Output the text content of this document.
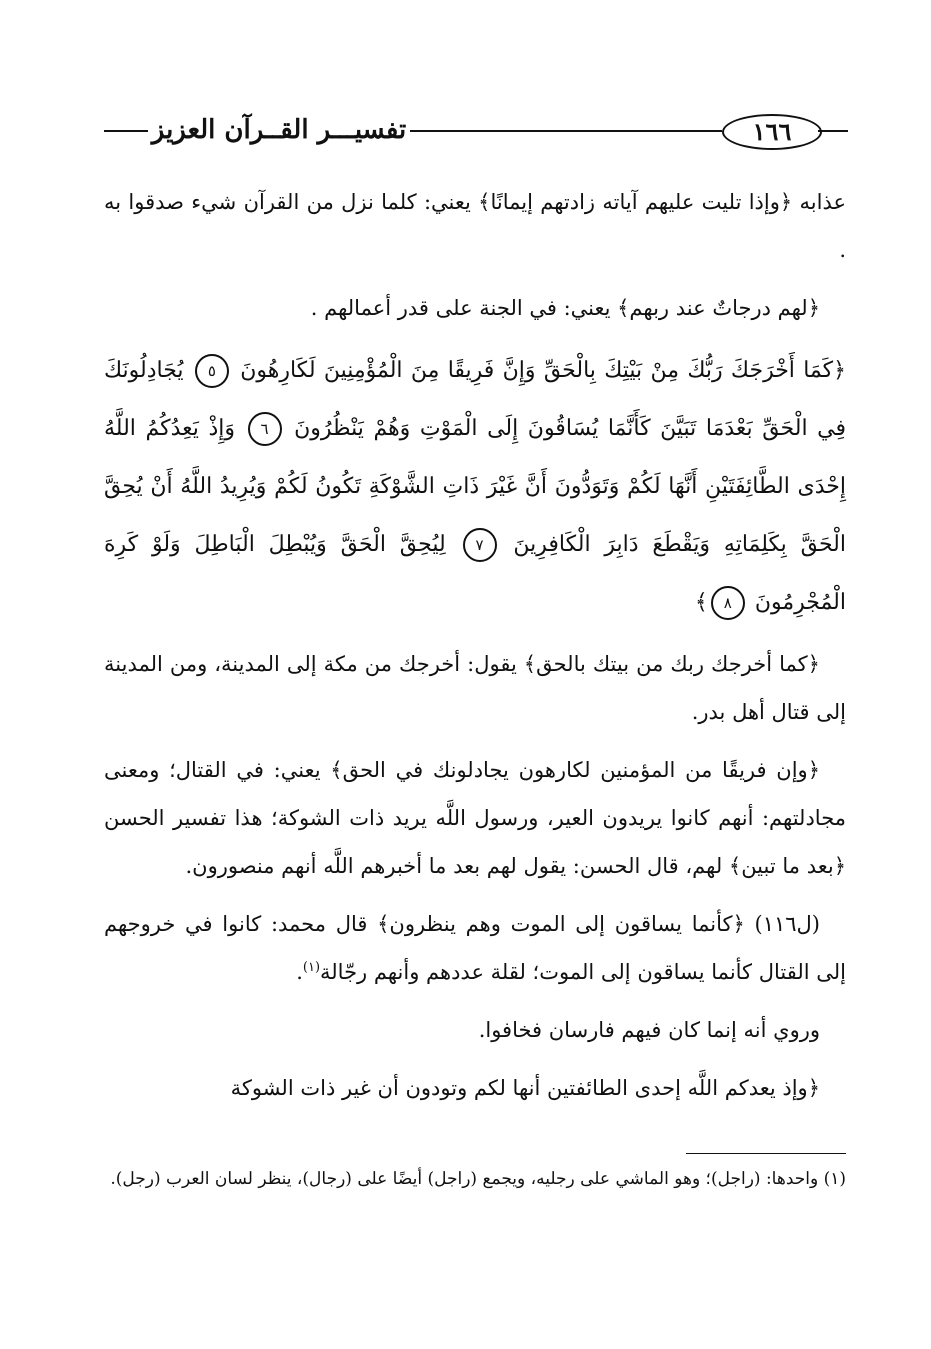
١٦٦
تفسيـــر القــرآن العزيز

عذابه ﴿وإذا تليت عليهم آياته زادتهم إيمانًا﴾ يعني: كلما نزل من القرآن شيء صدقوا به .

﴿لهم درجاتٌ عند ربهم﴾ يعني: في الجنة على قدر أعمالهم .

﴿كَمَا أَخْرَجَكَ رَبُّكَ مِنْ بَيْتِكَ بِالْحَقِّ وَإِنَّ فَرِيقًا مِنَ الْمُؤْمِنِينَ لَكَارِهُونَ ٥ يُجَادِلُونَكَ فِي الْحَقِّ بَعْدَمَا تَبَيَّنَ كَأَنَّمَا يُسَاقُونَ إِلَى الْمَوْتِ وَهُمْ يَنْظُرُونَ ٦ وَإِذْ يَعِدُكُمُ اللَّهُ إِحْدَى الطَّائِفَتَيْنِ أَنَّهَا لَكُمْ وَتَوَدُّونَ أَنَّ غَيْرَ ذَاتِ الشَّوْكَةِ تَكُونُ لَكُمْ وَيُرِيدُ اللَّهُ أَنْ يُحِقَّ الْحَقَّ بِكَلِمَاتِهِ وَيَقْطَعَ دَابِرَ الْكَافِرِينَ ٧ لِيُحِقَّ الْحَقَّ وَيُبْطِلَ الْبَاطِلَ وَلَوْ كَرِهَ الْمُجْرِمُونَ ٨﴾

﴿كما أخرجك ربك من بيتك بالحق﴾ يقول: أخرجك من مكة إلى المدينة، ومن المدينة إلى قتال أهل بدر.

﴿وإن فريقًا من المؤمنين لكارهون يجادلونك في الحق﴾ يعني: في القتال؛ ومعنى مجادلتهم: أنهم كانوا يريدون العير، ورسول اللَّه يريد ذات الشوكة؛ هذا تفسير الحسن ﴿بعد ما تبين﴾ لهم، قال الحسن: يقول لهم بعد ما أخبرهم اللَّه أنهم منصورون.

(ل١١٦) ﴿كأنما يساقون إلى الموت وهم ينظرون﴾ قال محمد: كانوا في خروجهم إلى القتال كأنما يساقون إلى الموت؛ لقلة عددهم وأنهم رجّالة$^{(١)}$.

وروي أنه إنما كان فيهم فارسان فخافوا.

﴿وإذ يعدكم اللَّه إحدى الطائفتين أنها لكم وتودون أن غير ذات الشوكة

(١) واحدها: (راجل)؛ وهو الماشي على رجليه، ويجمع (راجل) أيضًا على (رجال)، ينظر لسان العرب (رجل).
